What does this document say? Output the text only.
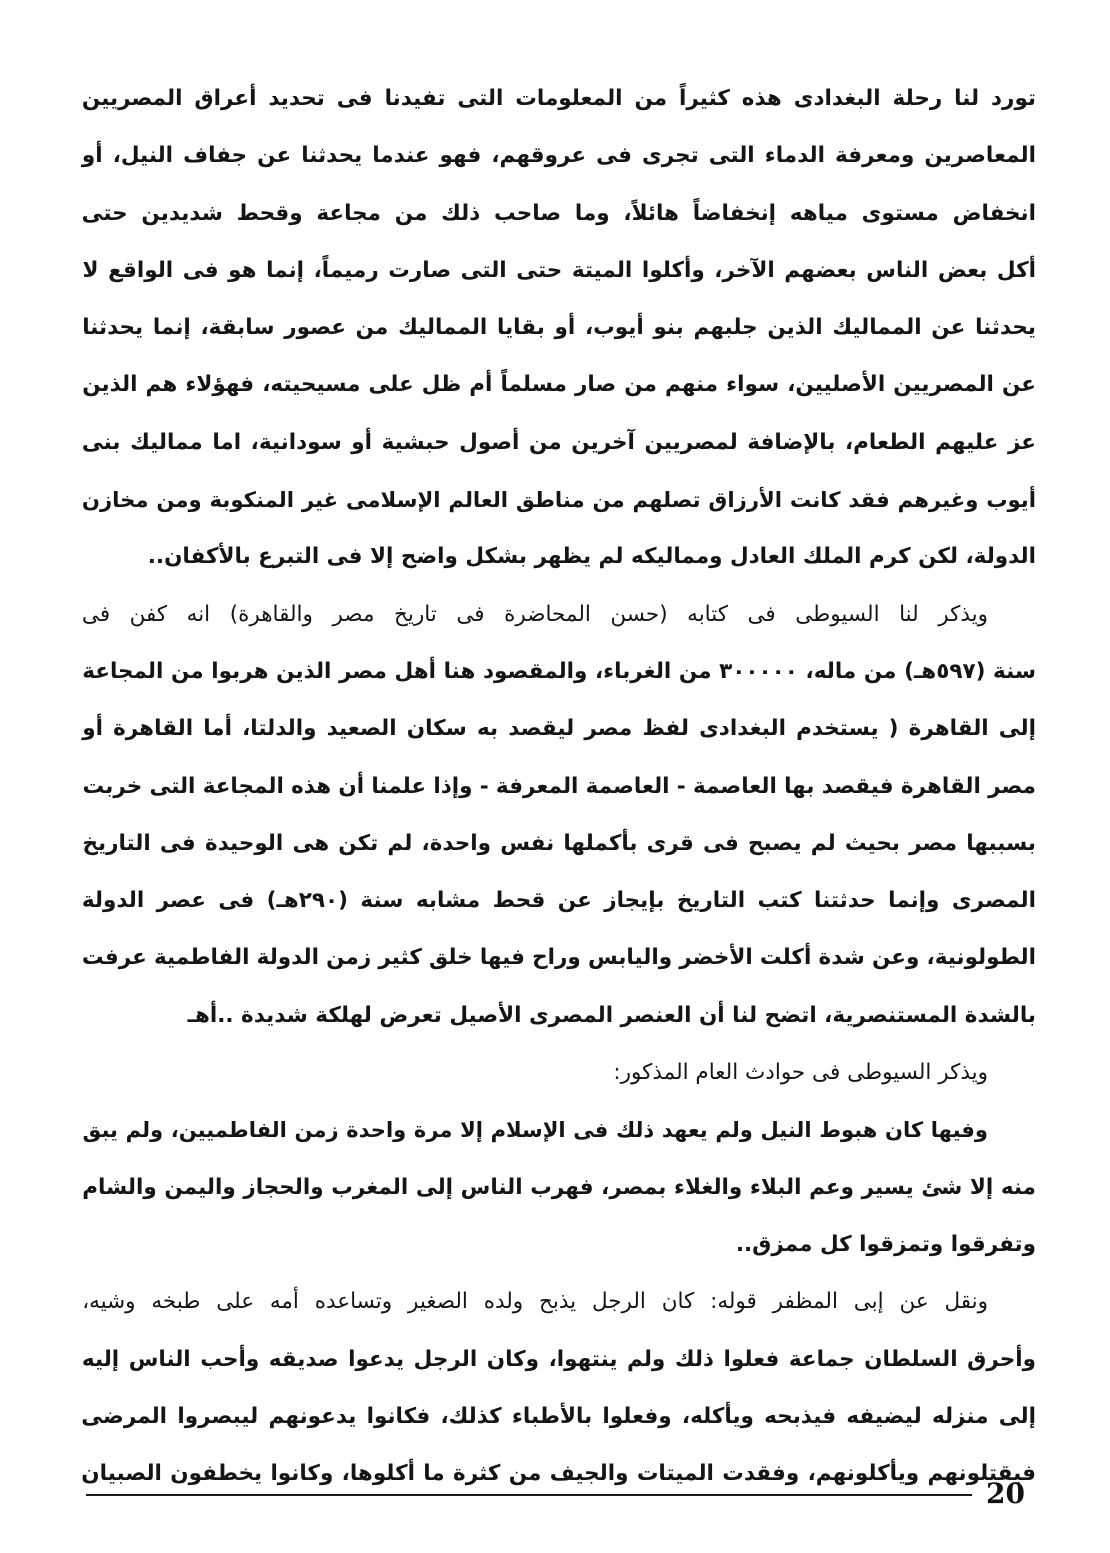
تورد لنا رحلة البغدادى هذه كثيراً من المعلومات التى تفيدنا فى تحديد أعراق المصريين
المعاصرين ومعرفة الدماء التى تجرى فى عروقهم، فهو عندما يحدثنا عن جفاف النيل، أو
انخفاض مستوى مياهه إنخفاضاً هائلاً، وما صاحب ذلك من مجاعة وقحط شديدين حتى
أكل بعض الناس بعضهم الآخر، وأكلوا الميتة حتى التى صارت رميماً، إنما هو فى الواقع لا
يحدثنا عن المماليك الذين جلبهم بنو أيوب، أو بقايا المماليك من عصور سابقة، إنما يحدثنا
عن المصريين الأصليين، سواء منهم من صار مسلماً أم ظل على مسيحيته، فهؤلاء هم الذين
عز عليهم الطعام، بالإضافة لمصريين آخرين من أصول حبشية أو سودانية، اما مماليك بنى
أيوب وغيرهم فقد كانت الأرزاق تصلهم من مناطق العالم الإسلامى غير المنكوبة ومن مخازن
الدولة، لكن كرم الملك العادل ومماليكه لم يظهر بشكل واضح إلا فى التبرع بالأكفان..
ويذكر لنا السيوطى فى كتابه (حسن المحاضرة فى تاريخ مصر والقاهرة) انه كفن فى
سنة (٥٩٧هـ) من ماله، ٣٠٠٠٠٠ من الغرباء، والمقصود هنا أهل مصر الذين هربوا من المجاعة
إلى القاهرة ( يستخدم البغدادى لفظ مصر ليقصد به سكان الصعيد والدلتا، أما القاهرة أو
مصر القاهرة فيقصد بها العاصمة - العاصمة المعرفة - وإذا علمنا أن هذه المجاعة التى خربت
بسببها مصر بحيث لم يصبح فى قرى بأكملها نفس واحدة، لم تكن هى الوحيدة فى التاريخ
المصرى وإنما حدثتنا كتب التاريخ بإيجاز عن قحط مشابه سنة (٢٩٠هـ) فى عصر الدولة
الطولونية، وعن شدة أكلت الأخضر واليابس وراح فيها خلق كثير زمن الدولة الفاطمية عرفت
بالشدة المستنصرية، اتضح لنا أن العنصر المصرى الأصيل تعرض لهلكة شديدة ..أهـ
ويذكر السيوطى فى حوادث العام المذكور:
وفيها كان هبوط النيل ولم يعهد ذلك فى الإسلام إلا مرة واحدة زمن الفاطميين، ولم يبق
منه إلا شئ يسير وعم البلاء والغلاء بمصر، فهرب الناس إلى المغرب والحجاز واليمن والشام
وتفرقوا وتمزقوا كل ممزق..
ونقل عن إبى المظفر قوله: كان الرجل يذبح ولده الصغير وتساعده أمه على طبخه وشيه،
وأحرق السلطان جماعة فعلوا ذلك ولم ينتهوا، وكان الرجل يدعوا صديقه وأحب الناس إليه
إلى منزله ليضيفه فيذبحه ويأكله، وفعلوا بالأطباء كذلك، فكانوا يدعونهم ليبصروا المرضى
فيقتلونهم ويأكلونهم، وفقدت الميتات والجيف من كثرة ما أكلوها، وكانوا يخطفون الصبيان
20
